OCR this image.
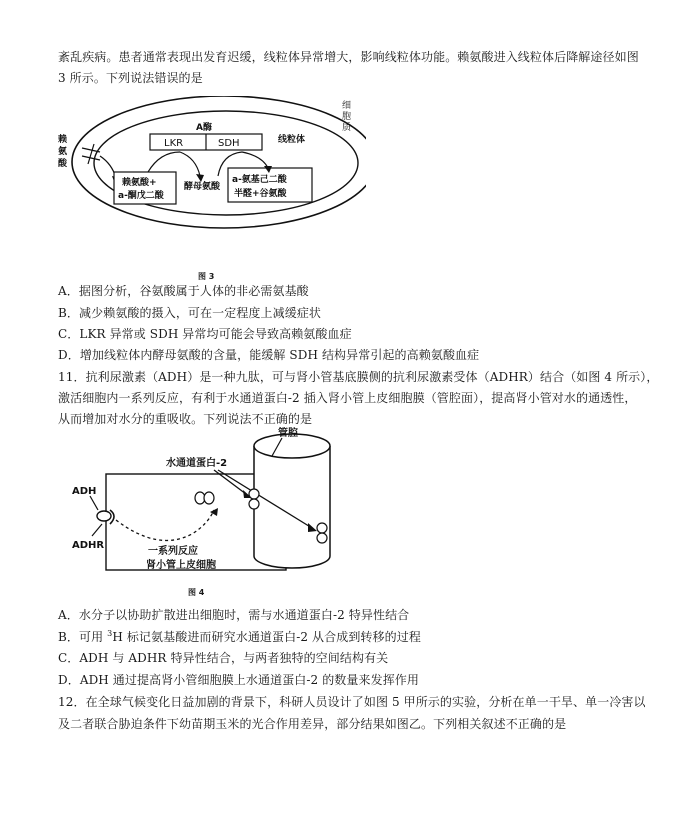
紊乱疾病。患者通常表现出发育迟缓，线粒体异常增大，影响线粒体功能。赖氨酸进入线粒体后降解途径如图
3 所示。下列说法错误的是
细
胞
质
赖
氨
酸
A酶
LKR	SDH	线粒体
赖氨酸+
a-酮戊二酸
酵母氨酸
a-氨基己二酸
半醛+谷氨酸
图 3
A．据图分析，谷氨酸属于人体的非必需氨基酸
B．减少赖氨酸的摄入，可在一定程度上减缓症状
C．LKR 异常或 SDH 异常均可能会导致高赖氨酸血症
D．增加线粒体内酵母氨酸的含量，能缓解 SDH 结构异常引起的高赖氨酸血症
11．抗利尿激素（ADH）是一种九肽，可与肾小管基底膜侧的抗利尿激素受体（ADHR）结合（如图 4 所示），
激活细胞内一系列反应，有利于水通道蛋白-2 插入肾小管上皮细胞膜（管腔面），提高肾小管对水的通透性，
从而增加对水分的重吸收。下列说法不正确的是
管腔
水通道蛋白-2
ADH
ADHR
一系列反应
肾小管上皮细胞
图 4
A．水分子以协助扩散进出细胞时，需与水通道蛋白-2 特异性结合
B．可用 $^3$H 标记氨基酸进而研究水通道蛋白-2 从合成到转移的过程
C．ADH 与 ADHR 特异性结合，与两者独特的空间结构有关
D．ADH 通过提高肾小管细胞膜上水通道蛋白-2 的数量来发挥作用
12．在全球气候变化日益加剧的背景下，科研人员设计了如图 5 甲所示的实验，分析在单一干旱、单一冷害以
及二者联合胁迫条件下幼苗期玉米的光合作用差异，部分结果如图乙。下列相关叙述不正确的是
